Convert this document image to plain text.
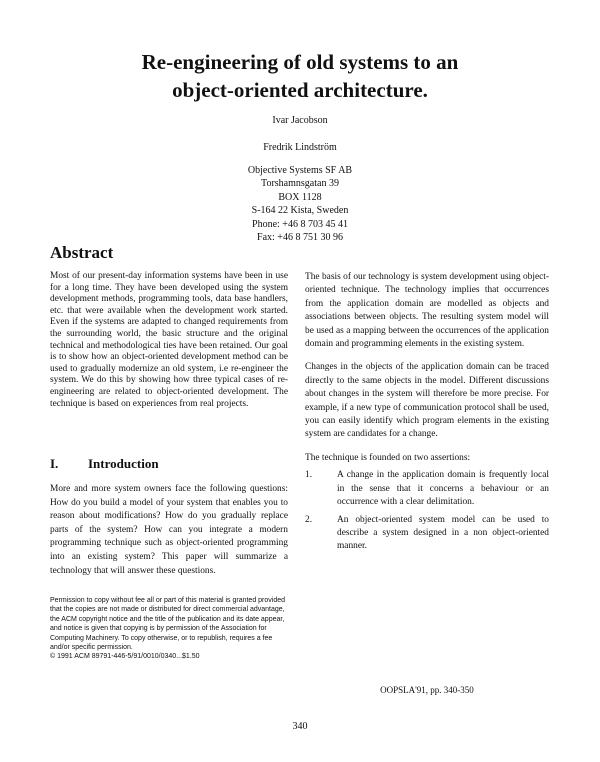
Re-engineering of old systems to an
object-oriented architecture.
Ivar Jacobson
Fredrik Lindström
Objective Systems SF AB
Torshamnsgatan 39
BOX 1128
S-164 22 Kista, Sweden
Phone: +46 8 703 45 41
Fax: +46 8 751 30 96
Abstract
Most of our present-day information systems have been in use for a long time. They have been developed using the system development methods, programming tools, data base handlers, etc. that were available when the development work started. Even if the systems are adapted to changed requirements from the surrounding world, the basic structure and the original technical and methodological ties have been retained. Our goal is to show how an object-oriented development method can be used to gradually modernize an old system, i.e re-engineer the system. We do this by showing how three typical cases of re-engineering are related to object-oriented development. The technique is based on experiences from real projects.
I. Introduction
More and more system owners face the following questions: How do you build a model of your system that enables you to reason about modifications? How do you gradually replace parts of the system? How can you integrate a modern programming technique such as object-oriented programming into an existing system? This paper will summarize a technology that will answer these questions.
Permission to copy without fee all or part of this material is granted provided that the copies are not made or distributed for direct commercial advantage, the ACM copyright notice and the title of the publication and its date appear, and notice is given that copying is by permission of the Association for Computing Machinery. To copy otherwise, or to republish, requires a fee and/or specific permission.
© 1991 ACM 89791-446-5/91/0010/0340...$1.50

The basis of our technology is system development using object-oriented technique. The technology implies that occurrences from the application domain are modelled as objects and associations between objects. The resulting system model will be used as a mapping between the occurrences of the application domain and programming elements in the existing system.

Changes in the objects of the application domain can be traced directly to the same objects in the model. Different discussions about changes in the system will therefore be more precise. For example, if a new type of communication protocol shall be used, you can easily identify which program elements in the existing system are candidates for a change.

The technique is founded on two assertions:

1.	A change in the application domain is frequently local in the sense that it concerns a behaviour or an occurrence with a clear delimitation.
2.	An object-oriented system model can be used to describe a system designed in a non object-oriented manner.
OOPSLA'91, pp. 340-350
340
